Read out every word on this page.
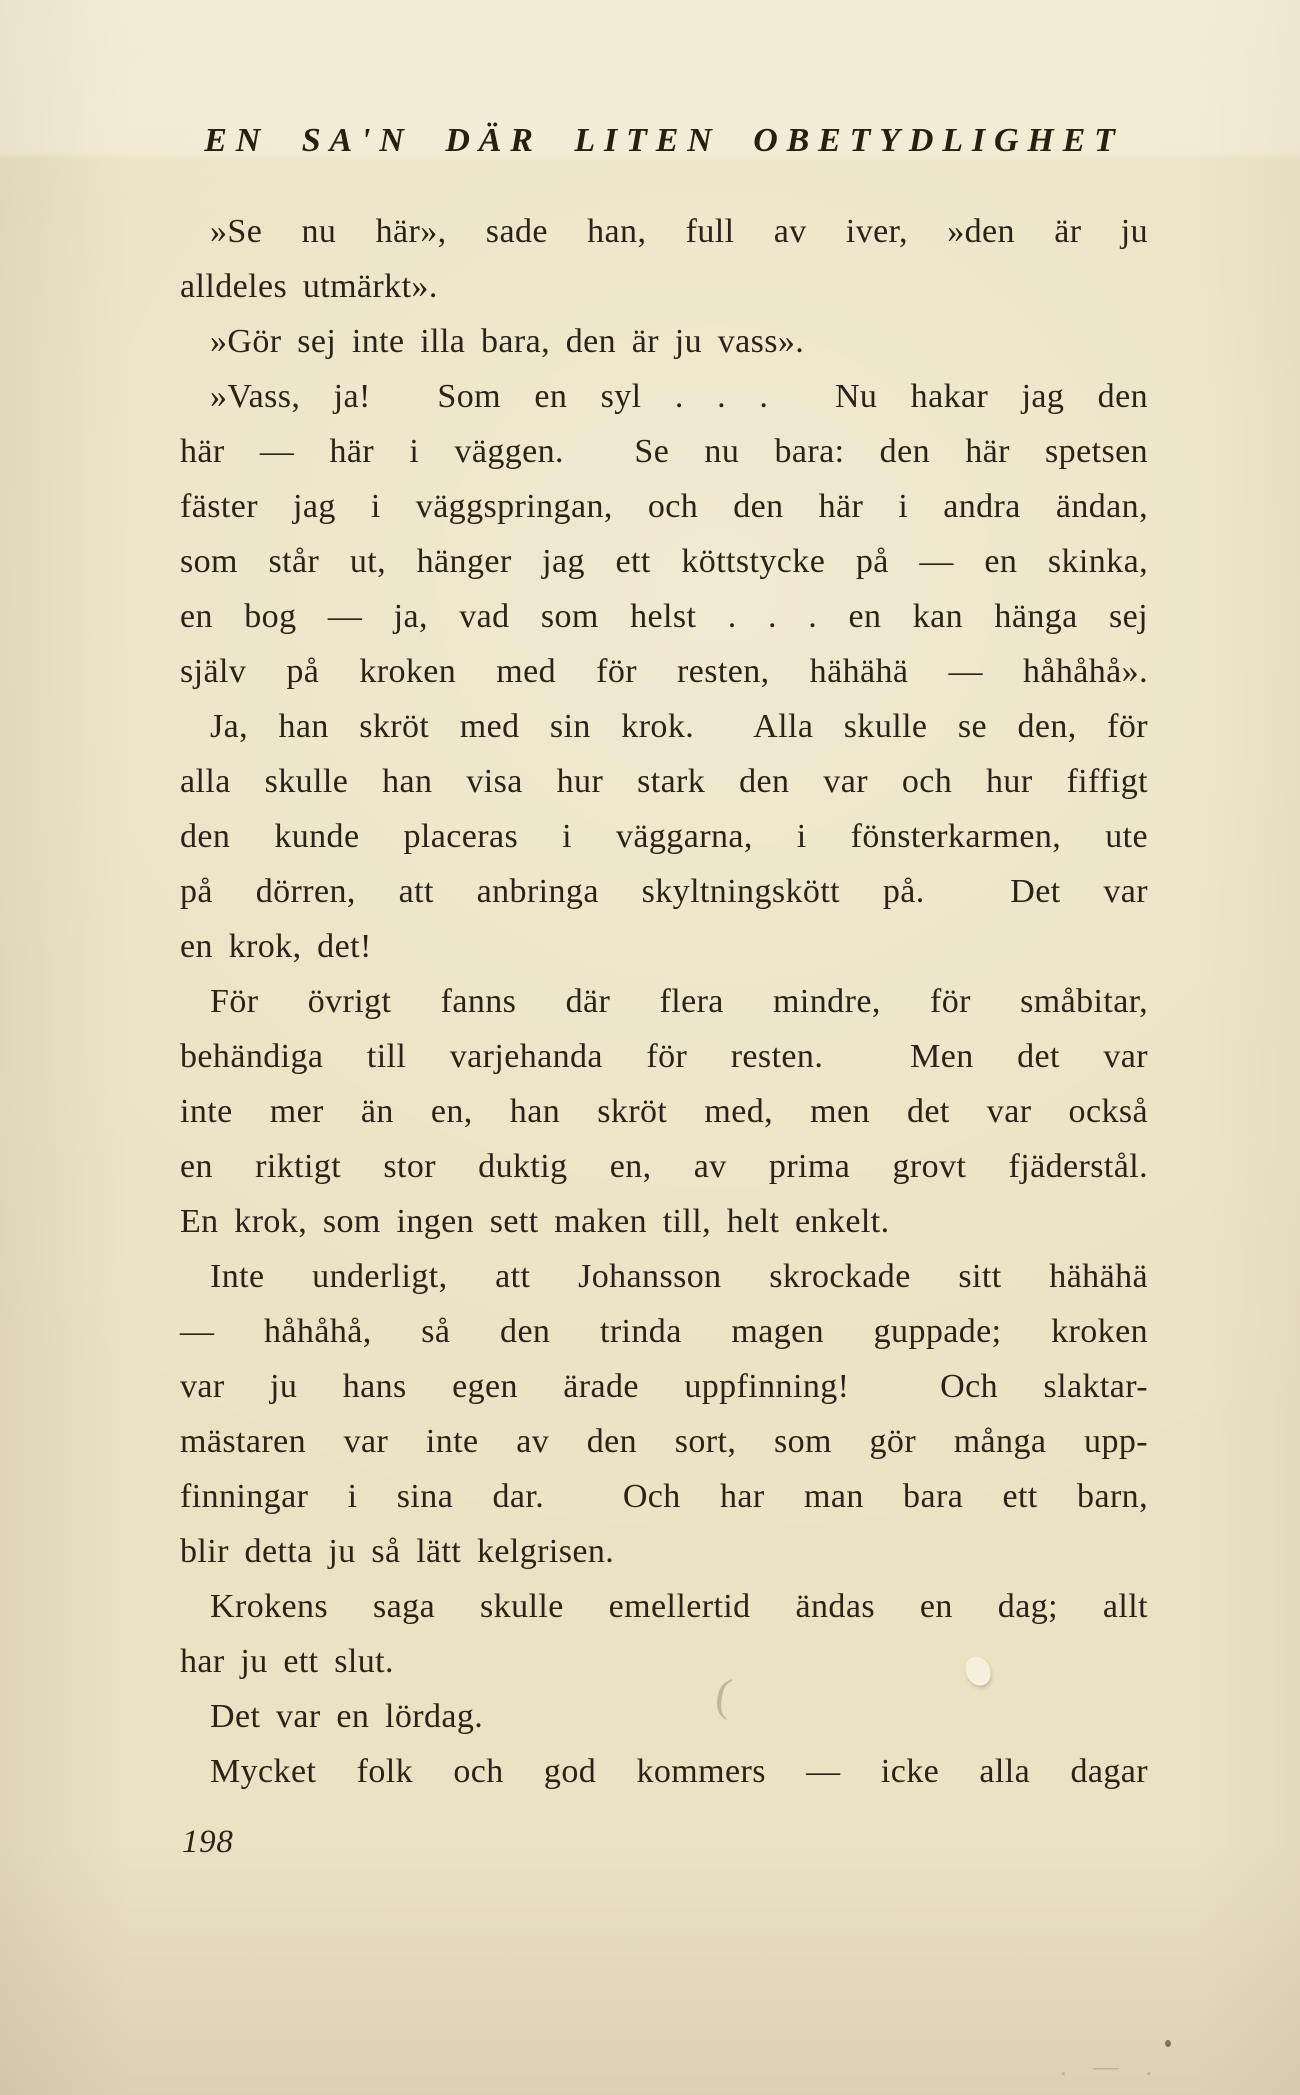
EN SA'N DÄR LITEN OBETYDLIGHET
»Se nu här», sade han, full av iver, »den är ju
alldeles utmärkt».
»Gör sej inte illa bara, den är ju vass».
»Vass, ja!  Som en syl . . .  Nu hakar jag den
här — här i väggen.  Se nu bara: den här spetsen
fäster jag i väggspringan, och den här i andra ändan,
som står ut, hänger jag ett köttstycke på — en skinka,
en bog — ja, vad som helst . . . en kan hänga sej
själv på kroken med för resten, hähähä — håhåhå».
Ja, han skröt med sin krok.  Alla skulle se den, för
alla skulle han visa hur stark den var och hur fiffigt
den kunde placeras i väggarna, i fönsterkarmen, ute
på dörren, att anbringa skyltningskött på.  Det var
en krok, det!
För övrigt fanns där flera mindre, för småbitar,
behändiga till varjehanda för resten.  Men det var
inte mer än en, han skröt med, men det var också
en riktigt stor duktig en, av prima grovt fjäderstål.
En krok, som ingen sett maken till, helt enkelt.
Inte underligt, att Johansson skrockade sitt hähähä
— håhåhå, så den trinda magen guppade; kroken
var ju hans egen ärade uppfinning!  Och slaktar-
mästaren var inte av den sort, som gör många upp-
finningar i sina dar.  Och har man bara ett barn,
blir detta ju så lätt kelgrisen.
Krokens saga skulle emellertid ändas en dag; allt
har ju ett slut.
Det var en lördag.
Mycket folk och god kommers — icke alla dagar
198
(
. — .
